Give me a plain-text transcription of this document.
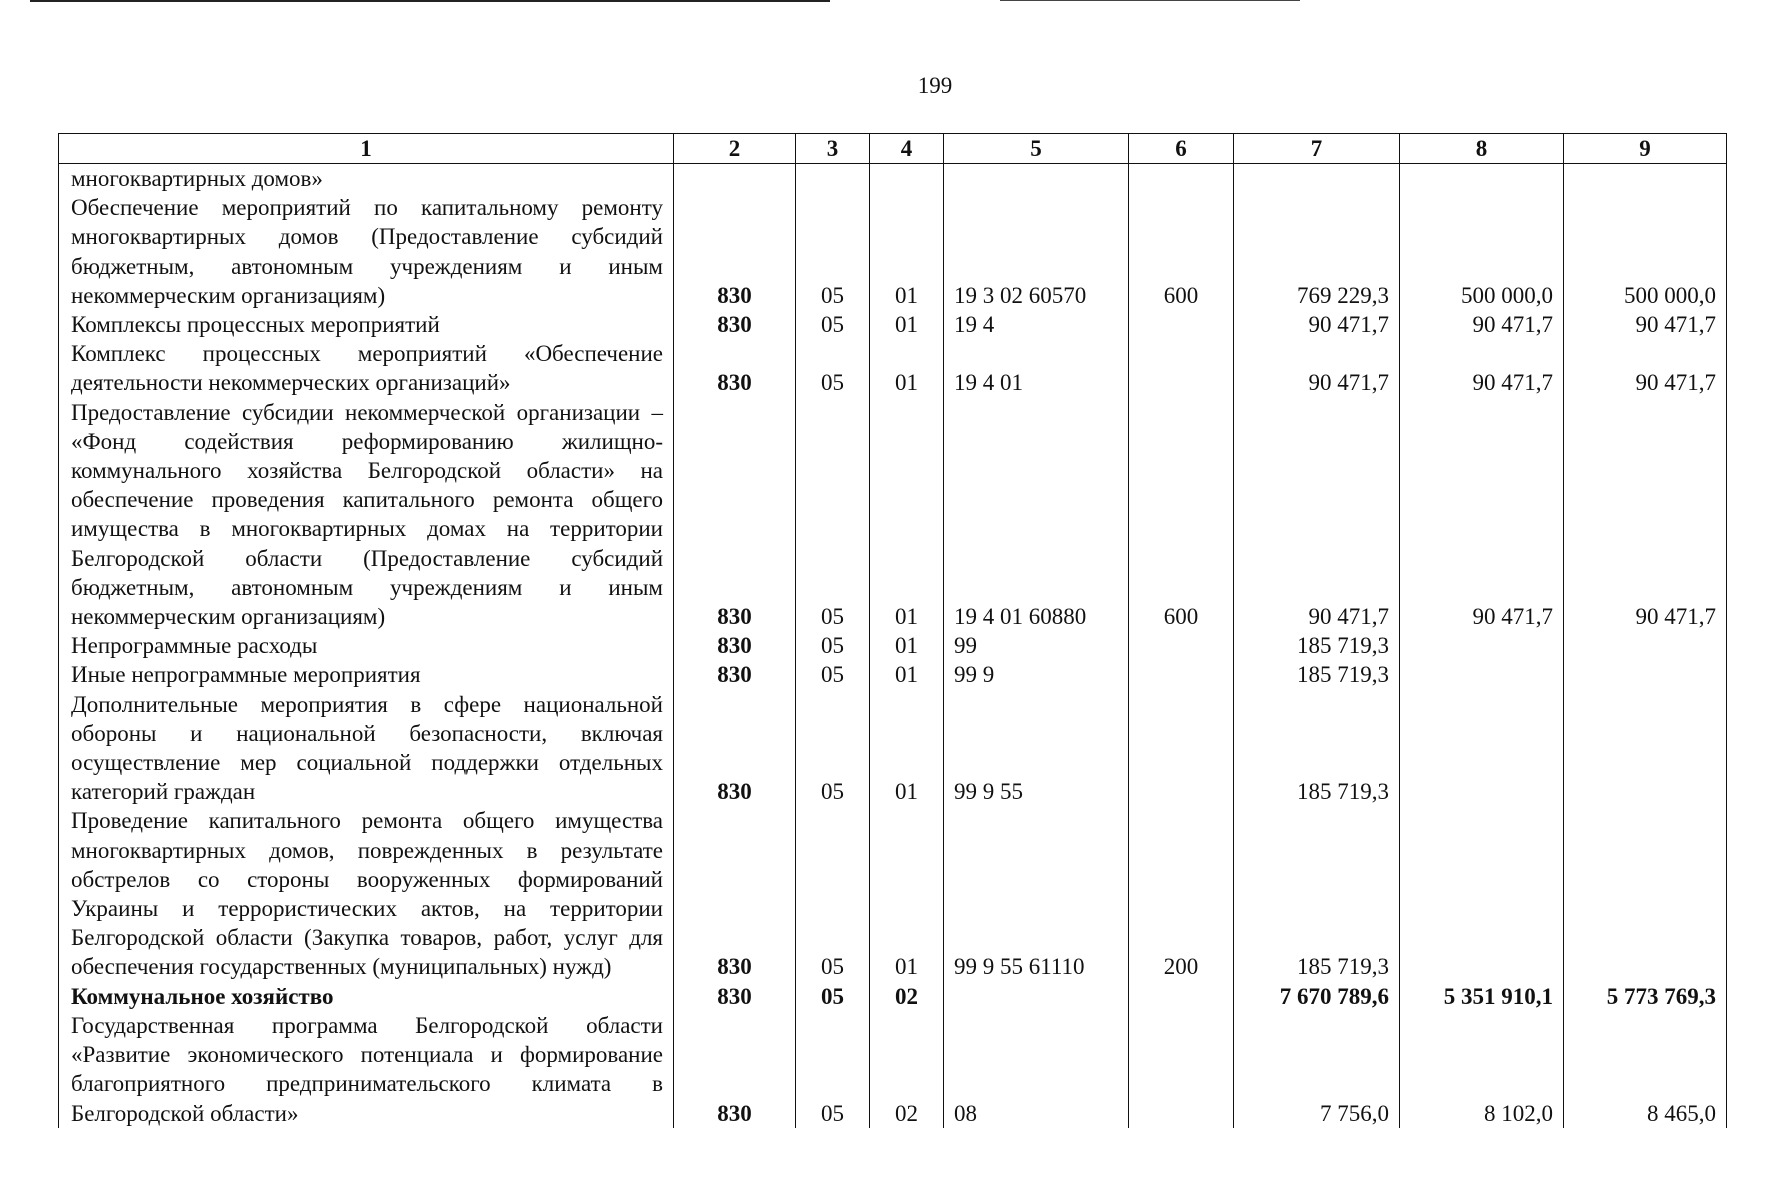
199
1	2	3	4	5	6	7	8	9
многоквартирных домов»								
Обеспечение мероприятий по капитальному ремонту многоквартирных домов (Предоставление субсидий бюджетным, автономным учреждениям и иным некоммерческим организациям)	830	05	01	19 3 02 60570	600	769 229,3	500 000,0	500 000,0
Комплексы процессных мероприятий	830	05	01	19 4		90 471,7	90 471,7	90 471,7
Комплекс процессных мероприятий «Обеспечение деятельности некоммерческих организаций»	830	05	01	19 4 01		90 471,7	90 471,7	90 471,7
Предоставление субсидии некоммерческой организации – «Фонд содействия реформированию жилищно-коммунального хозяйства Белгородской области» на обеспечение проведения капитального ремонта общего имущества в многоквартирных домах на территории Белгородской области (Предоставление субсидий бюджетным, автономным учреждениям и иным некоммерческим организациям)	830	05	01	19 4 01 60880	600	90 471,7	90 471,7	90 471,7
Непрограммные расходы	830	05	01	99		185 719,3		
Иные непрограммные мероприятия	830	05	01	99 9		185 719,3		
Дополнительные мероприятия в сфере национальной обороны и национальной безопасности, включая осуществление мер социальной поддержки отдельных категорий граждан	830	05	01	99 9 55		185 719,3		
Проведение капитального ремонта общего имущества многоквартирных домов, поврежденных в результате обстрелов со стороны вооруженных формирований Украины и террористических актов, на территории Белгородской области (Закупка товаров, работ, услуг для обеспечения государственных (муниципальных) нужд)	830	05	01	99 9 55 61110	200	185 719,3		
Коммунальное хозяйство	830	05	02			7 670 789,6	5 351 910,1	5 773 769,3
Государственная программа Белгородской области «Развитие экономического потенциала и формирование благоприятного предпринимательского климата в Белгородской области»	830	05	02	08		7 756,0	8 102,0	8 465,0
